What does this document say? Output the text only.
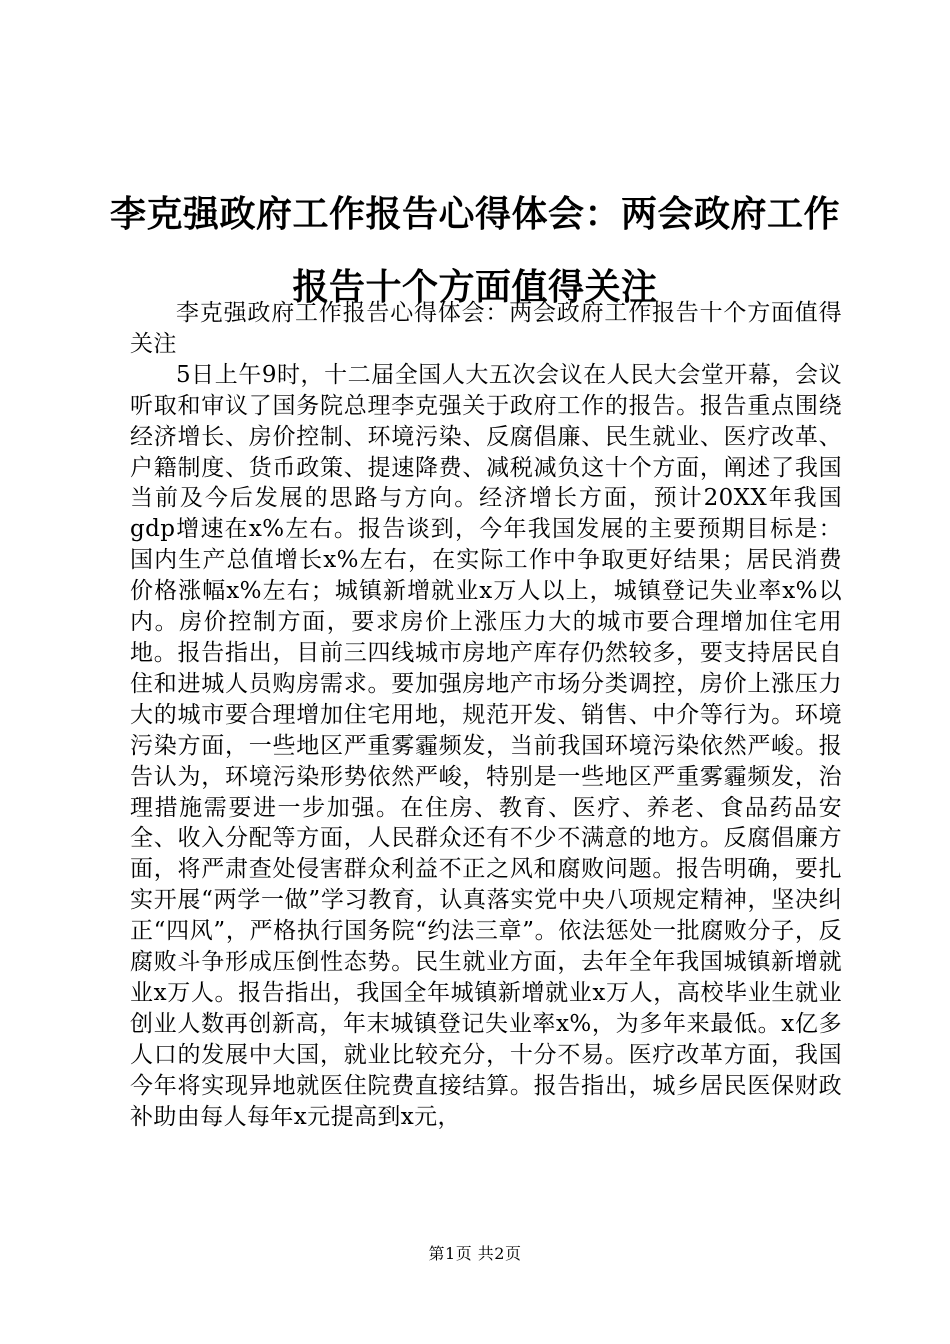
李克强政府工作报告心得体会：两会政府工作报告十个方面值得关注

李克强政府工作报告心得体会：两会政府工作报告十个方面值得关注

5日上午9时，十二届全国人大五次会议在人民大会堂开幕，会议听取和审议了国务院总理李克强关于政府工作的报告。报告重点围绕经济增长、房价控制、环境污染、反腐倡廉、民生就业、医疗改革、户籍制度、货币政策、提速降费、减税减负这十个方面，阐述了我国当前及今后发展的思路与方向。经济增长方面，预计20XX年我国gdp增速在x%左右。报告谈到，今年我国发展的主要预期目标是：国内生产总值增长x%左右，在实际工作中争取更好结果；居民消费价格涨幅x%左右；城镇新增就业x万人以上，城镇登记失业率x%以内。房价控制方面，要求房价上涨压力大的城市要合理增加住宅用地。报告指出，目前三四线城市房地产库存仍然较多，要支持居民自住和进城人员购房需求。要加强房地产市场分类调控，房价上涨压力大的城市要合理增加住宅用地，规范开发、销售、中介等行为。环境污染方面，一些地区严重雾霾频发，当前我国环境污染依然严峻。报告认为，环境污染形势依然严峻，特别是一些地区严重雾霾频发，治理措施需要进一步加强。在住房、教育、医疗、养老、食品药品安全、收入分配等方面，人民群众还有不少不满意的地方。反腐倡廉方面，将严肃查处侵害群众利益不正之风和腐败问题。报告明确，要扎实开展“两学一做”学习教育，认真落实党中央八项规定精神，坚决纠正“四风”，严格执行国务院“约法三章”。依法惩处一批腐败分子，反腐败斗争形成压倒性态势。民生就业方面，去年全年我国城镇新增就业x万人。报告指出，我国全年城镇新增就业x万人，高校毕业生就业创业人数再创新高，年末城镇登记失业率x%，为多年来最低。x亿多人口的发展中大国，就业比较充分，十分不易。医疗改革方面，我国今年将实现异地就医住院费直接结算。报告指出，城乡居民医保财政补助由每人每年x元提高到x元，

第1页 共2页
